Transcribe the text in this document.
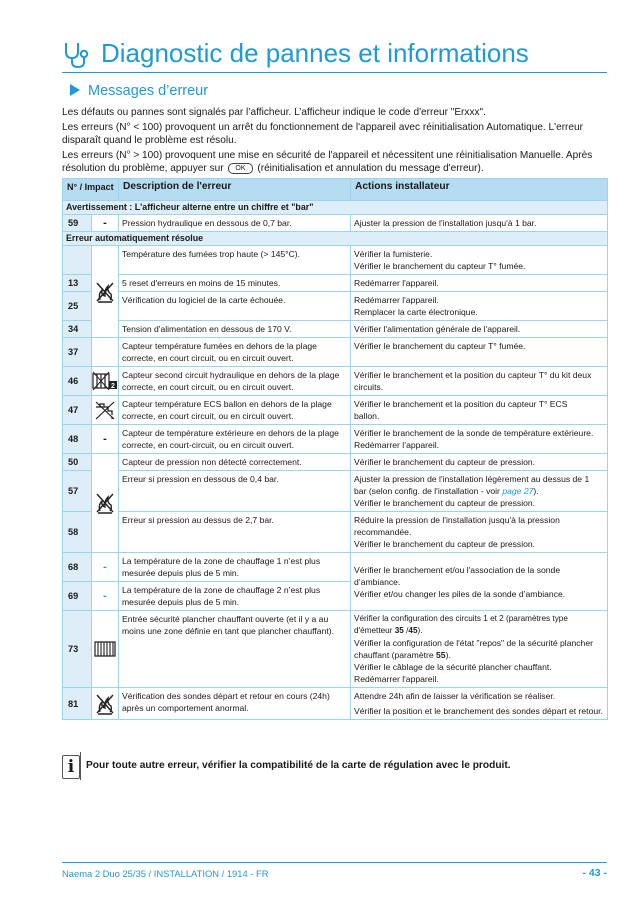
Diagnostic de pannes et informations
Messages d’erreur
Les défauts ou pannes sont signalés par l’afficheur. L’afficheur indique le code d'erreur "Erxxx".
Les erreurs (N° < 100) provoquent un arrêt du fonctionnement de l'appareil avec réinitialisation Automatique. L'erreur disparaît quand le problème est résolu.
Les erreurs (N° > 100) provoquent une mise en sécurité de l'appareil et nécessitent une réinitialisation Manuelle. Après résolution du problème, appuyer sur OK (réinitialisation et annulation du message d'erreur).
N° / Impact		Description de l'erreur	Actions installateur
Avertissement : L'afficheur alterne entre un chiffre et "bar"			
59	-	Pression hydraulique en dessous de 0,7 bar.	Ajuster la pression de l'installation jusqu'à 1 bar.
Erreur automatiquement résolue			

	Température des fumées trop haute (> 145°C).	Vérifier la fumisterie.
Vérifier le branchement du capteur T° fumée.

13		5 reset d'erreurs en moins de 15 minutes.	Redémarrer l'appareil.
25		Vérification du logiciel de la carte échouée.	Redémarrer l'appareil.
Remplacer la carte électronique.

34		Tension d'alimentation en dessous de 170 V.	Vérifier l'alimentation générale de l'appareil.
37		Capteur température fumées en dehors de la plage correcte, en court circuit, ou en circuit ouvert.	Vérifier le branchement du capteur T° fumée.
46	2	Capteur second circuit hydraulique en dehors de la plage correcte, en court circuit, ou en circuit ouvert.	Vérifier le branchement et la position du capteur T° du kit deux circuits.
47		Capteur température ECS ballon en dehors de la plage correcte, en court circuit, ou en circuit ouvert.	Vérifier le branchement et la position du capteur T° ECS
ballon.

48	-	Capteur de température extérieure en dehors de la plage correcte, en court-circuit, ou en circuit ouvert.	Vérifier le branchement de la sonde de température extérieure.
Redémarrer l’appareil.

50		Capteur de pression non détecté correctement.	Vérifier le branchement du capteur de pression.
57		Erreur si pression en dessous de 0,4 bar.	Ajuster la pression de l'installation légèrement au dessus de 1 bar (selon config. de l'installation - voir page 27).
Vérifier le branchement du capteur de pression.

58		Erreur si pression au dessus de 2,7 bar.	Réduire la pression de l'installation jusqu'à la pression recommandée.
Vérifier le branchement du capteur de pression.

68	-	La température de la zone de chauffage 1 n’est plus mesurée depuis plus de 5 min.	Vérifier le branchement et/ou l'association de la sonde d’ambiance.
Vérifier et/ou changer les piles de la sonde d’ambiance.

69	-	La température de la zone de chauffage 2 n’est plus mesurée depuis plus de 5 min.	
73		Entrée sécurité plancher chauffant ouverte (et il y a au moins une zone définie en tant que plancher chauffant).	Vérifier la configuration des circuits 1 et 2 (paramètres type d'émetteur 35 /45).
Vérifier la configuration de l'état "repos" de la sécurité plancher chauffant (paramètre 55).
Vérifier le câblage de la sécurité plancher chauffant.
Redémarrer l'appareil.

81		Vérification des sondes départ et retour en cours (24h) après un comportement anormal.	Attendre 24h afin de laisser la vérification se réaliser.
Vérifier la position et le branchement des sondes départ et retour.
i	Pour toute autre erreur, vérifier la compatibilité de la carte de régulation avec le produit.
Naema 2 Duo 25/35 / INSTALLATION / 1914 - FR	- 43 -
